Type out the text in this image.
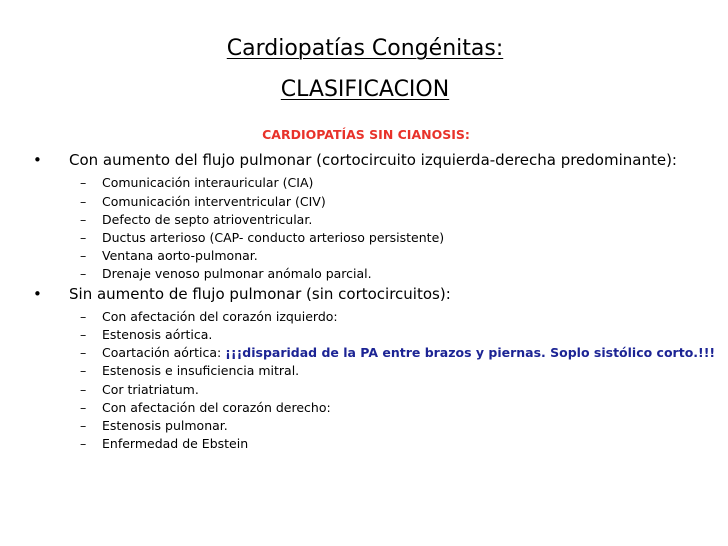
Cardiopatías Congénitas:
CLASIFICACION
CARDIOPATÍAS SIN CIANOSIS:
• Con aumento del flujo pulmonar (cortocircuito izquierda-derecha predominante):
– Comunicación interauricular (CIA)
– Comunicación interventricular (CIV)
– Defecto de septo atrioventricular.
– Ductus arterioso (CAP- conducto arterioso persistente)
– Ventana aorto-pulmonar.
– Drenaje venoso pulmonar anómalo parcial.
• Sin aumento de flujo pulmonar (sin cortocircuitos):
– Con afectación del corazón izquierdo:
– Estenosis aórtica.
– Coartación aórtica: ¡¡¡disparidad de la PA entre brazos y piernas. Soplo sistólico corto.!!!
– Estenosis e insuficiencia mitral.
– Cor triatriatum.
– Con afectación del corazón derecho:
– Estenosis pulmonar.
– Enfermedad de Ebstein
